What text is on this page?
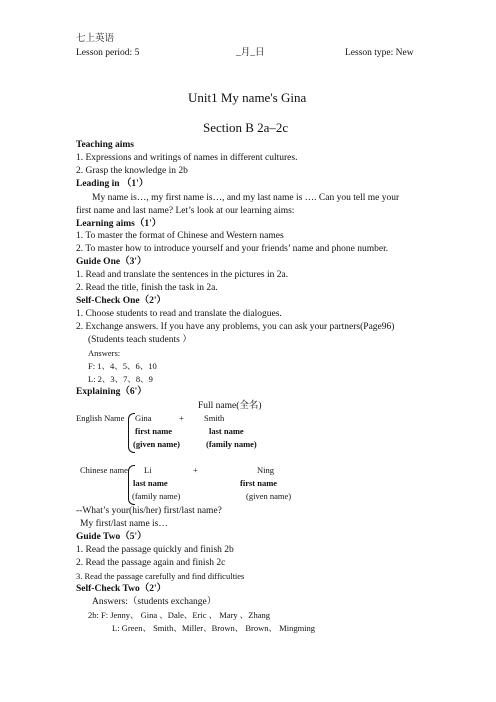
七上英语
Lesson period: 5	_月_日	Lesson type: New
Unit1 My name's Gina
Section B 2a–2c
Teaching aims
1. Expressions and writings of names in different cultures.
2. Grasp the knowledge in 2b
Leading in （1'）
My name is…, my first name is…, and my last name is …. Can you tell me your
first name and last name? Let’s look at our learning aims:
Learning aims（1'）
1. To master the format of Chinese and Western names
2. To master how to introduce yourself and your friends’ name and phone number.
Guide One（3'）
1. Read and translate the sentences in the pictures in 2a.
2. Read the title, finish the task in 2a.
Self-Check One（2'）
1. Choose students to read and translate the dialogues.
2. Exchange answers. If you have any problems, you can ask your partners(Page96)
(Students teach students ）
Answers:
F: 1、4、5、6、10
L: 2、3、7、8、9
Explaining（6'）
Full name(全名)
English Name Gina	+ Smith
first name	last name
(given name)	(family name)
Chinese name Li	+	Ning
last name	first name
(family name)	(given name)
--What’s your(his/her) first/last name?
My first/last name is…
Guide Two（5'）
1. Read the passage quickly and finish 2b
2. Read the passage again and finish 2c
3. Read the passage carefully and find difficulties
Self-Check Two（2'）
Answers:（students exchange）
2b: F: Jenny、 Gina 、Dale、Eric 、 Mary 、Zhang
L: Green、 Smith、Miller、Brown、 Brown、 Mingming
